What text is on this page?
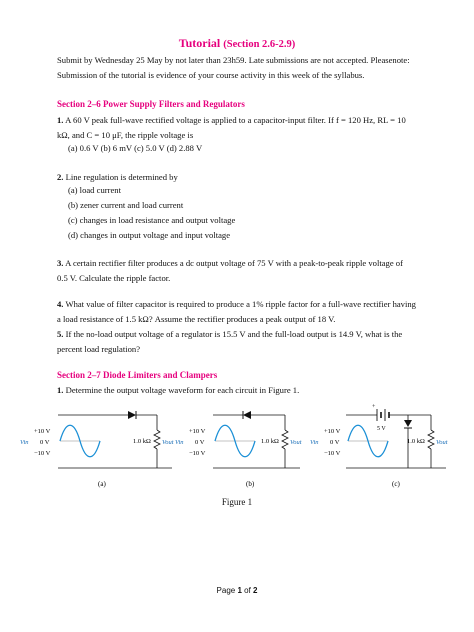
Tutorial (Section 2.6-2.9)
Submit by Wednesday 25 May by not later than 23h59. Late submissions are not accepted. Pleasenote:
Submission of the tutorial is evidence of your course activity in this week of the syllabus.
Section 2–6 Power Supply Filters and Regulators
1. A 60 V peak full-wave rectified voltage is applied to a capacitor-input filter. If f = 120 Hz, RL = 10
kΩ, and C = 10 μF, the ripple voltage is
(a) 0.6 V (b) 6 mV (c) 5.0 V (d) 2.88 V
2. Line regulation is determined by
(a) load current
(b) zener current and load current
(c) changes in load resistance and output voltage
(d) changes in output voltage and input voltage
3. A certain rectifier filter produces a dc output voltage of 75 V with a peak-to-peak ripple voltage of
0.5 V. Calculate the ripple factor.
4. What value of filter capacitor is required to produce a 1% ripple factor for a full-wave rectifier having
a load resistance of 1.5 kΩ? Assume the rectifier produces a peak output of 18 V.
5. If the no-load output voltage of a regulator is 15.5 V and the full-load output is 14.9 V, what is the
percent load regulation?
Section 2–7 Diode Limiters and Clampers
1. Determine the output voltage waveform for each circuit in Figure 1.
+10 V
0 V
−10 V
Vin	1.0 kΩ Vout
(a)
+10 V
0 V
−10 V
Vin	1.0 kΩ Vout
(b)
+10 V
0 V
−10 V
Vin
+
5 V
1.0 kΩ Vout
(c)
Figure 1
Page 1 of 2
